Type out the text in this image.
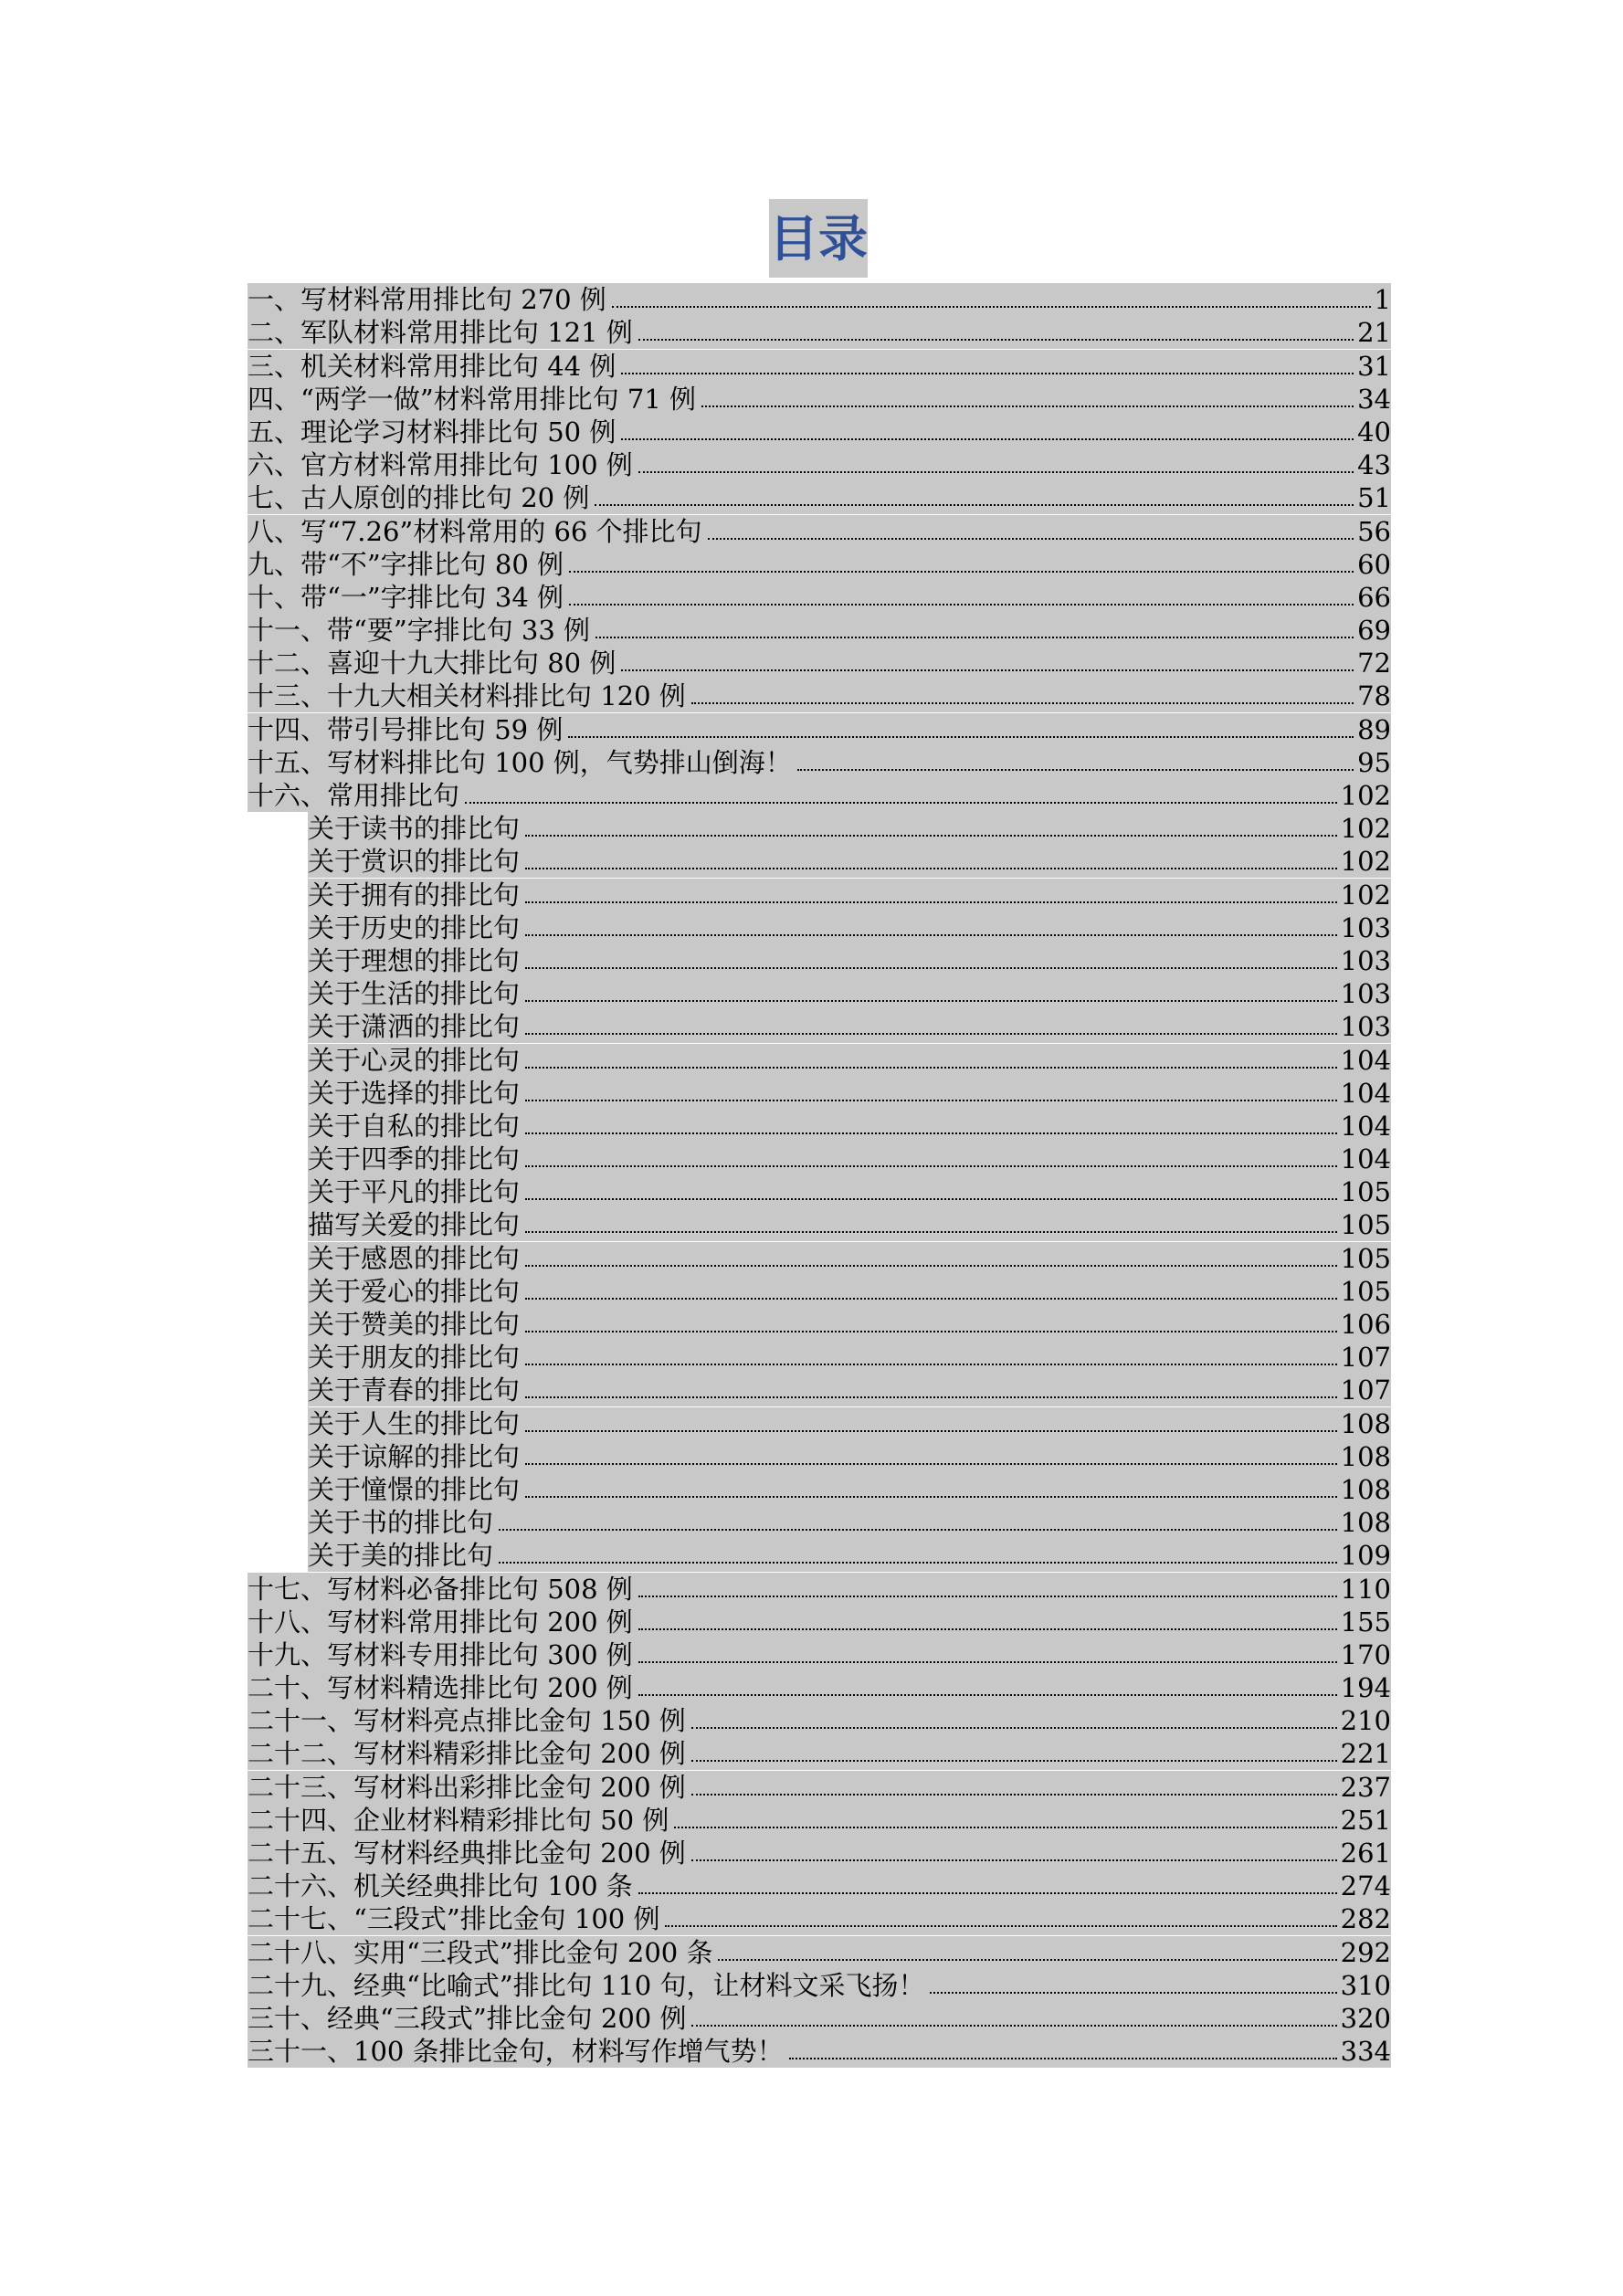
目录
一、写材料常用排比句 270 例	1
二、军队材料常用排比句 121 例	21
三、机关材料常用排比句 44 例	31
四、“两学一做”材料常用排比句 71 例	34
五、理论学习材料排比句 50 例	40
六、官方材料常用排比句 100 例	43
七、古人原创的排比句 20 例	51
八、写“7.26”材料常用的 66 个排比句	56
九、带“不”字排比句 80 例	60
十、带“一”字排比句 34 例	66
十一、带“要”字排比句 33 例	69
十二、喜迎十九大排比句 80 例	72
十三、十九大相关材料排比句 120 例	78
十四、带引号排比句 59 例	89
十五、写材料排比句 100 例，气势排山倒海！	95
十六、常用排比句	102
关于读书的排比句	102
关于赏识的排比句	102
关于拥有的排比句	102
关于历史的排比句	103
关于理想的排比句	103
关于生活的排比句	103
关于潇洒的排比句	103
关于心灵的排比句	104
关于选择的排比句	104
关于自私的排比句	104
关于四季的排比句	104
关于平凡的排比句	105
描写关爱的排比句	105
关于感恩的排比句	105
关于爱心的排比句	105
关于赞美的排比句	106
关于朋友的排比句	107
关于青春的排比句	107
关于人生的排比句	108
关于谅解的排比句	108
关于憧憬的排比句	108
关于书的排比句	108
关于美的排比句	109
十七、写材料必备排比句 508 例	110
十八、写材料常用排比句 200 例	155
十九、写材料专用排比句 300 例	170
二十、写材料精选排比句 200 例	194
二十一、写材料亮点排比金句 150 例	210
二十二、写材料精彩排比金句 200 例	221
二十三、写材料出彩排比金句 200 例	237
二十四、企业材料精彩排比句 50 例	251
二十五、写材料经典排比金句 200 例	261
二十六、机关经典排比句 100 条	274
二十七、“三段式”排比金句 100 例	282
二十八、实用“三段式”排比金句 200 条	292
二十九、经典“比喻式”排比句 110 句，让材料文采飞扬！	310
三十、经典“三段式”排比金句 200 例	320
三十一、100 条排比金句，材料写作增气势！	334
